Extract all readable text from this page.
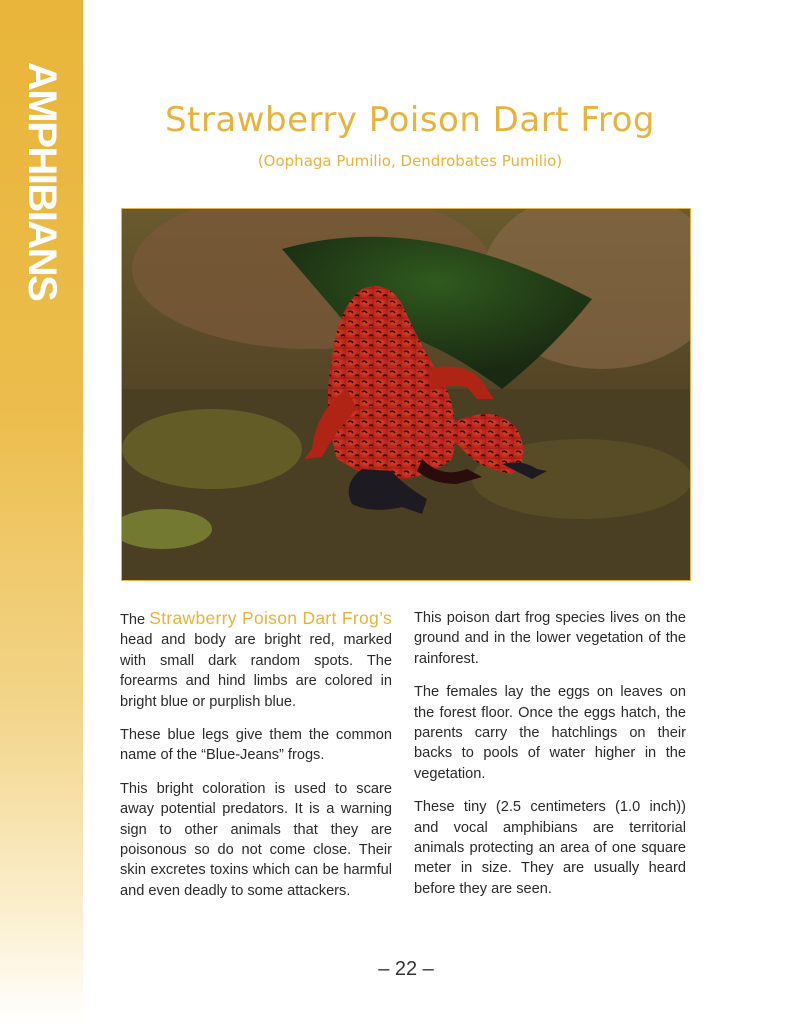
AMPHIBIANS	Strawberry Poison Dart Frog
(Oophaga Pumilio, Dendrobates Pumilio)

The Strawberry Poison Dart Frog’s head and body are bright red, marked with small dark random spots. The forearms and hind limbs are colored in bright blue or purplish blue.

These blue legs give them the common name of the “Blue-Jeans” frogs.

This bright coloration is used to scare away potential predators. It is a warning sign to other animals that they are poisonous so do not come close. Their skin excretes toxins which can be harmful and even deadly to some attackers.

This poison dart frog species lives on the ground and in the lower vegetation of the rainforest.

The females lay the eggs on leaves on the forest floor. Once the eggs hatch, the parents carry the hatchlings on their backs to pools of water higher in the vegetation.

These tiny (2.5 centimeters (1.0 inch)) and vocal amphibians are territorial animals protecting an area of one square meter in size. They are usually heard before they are seen.

– 22 –
